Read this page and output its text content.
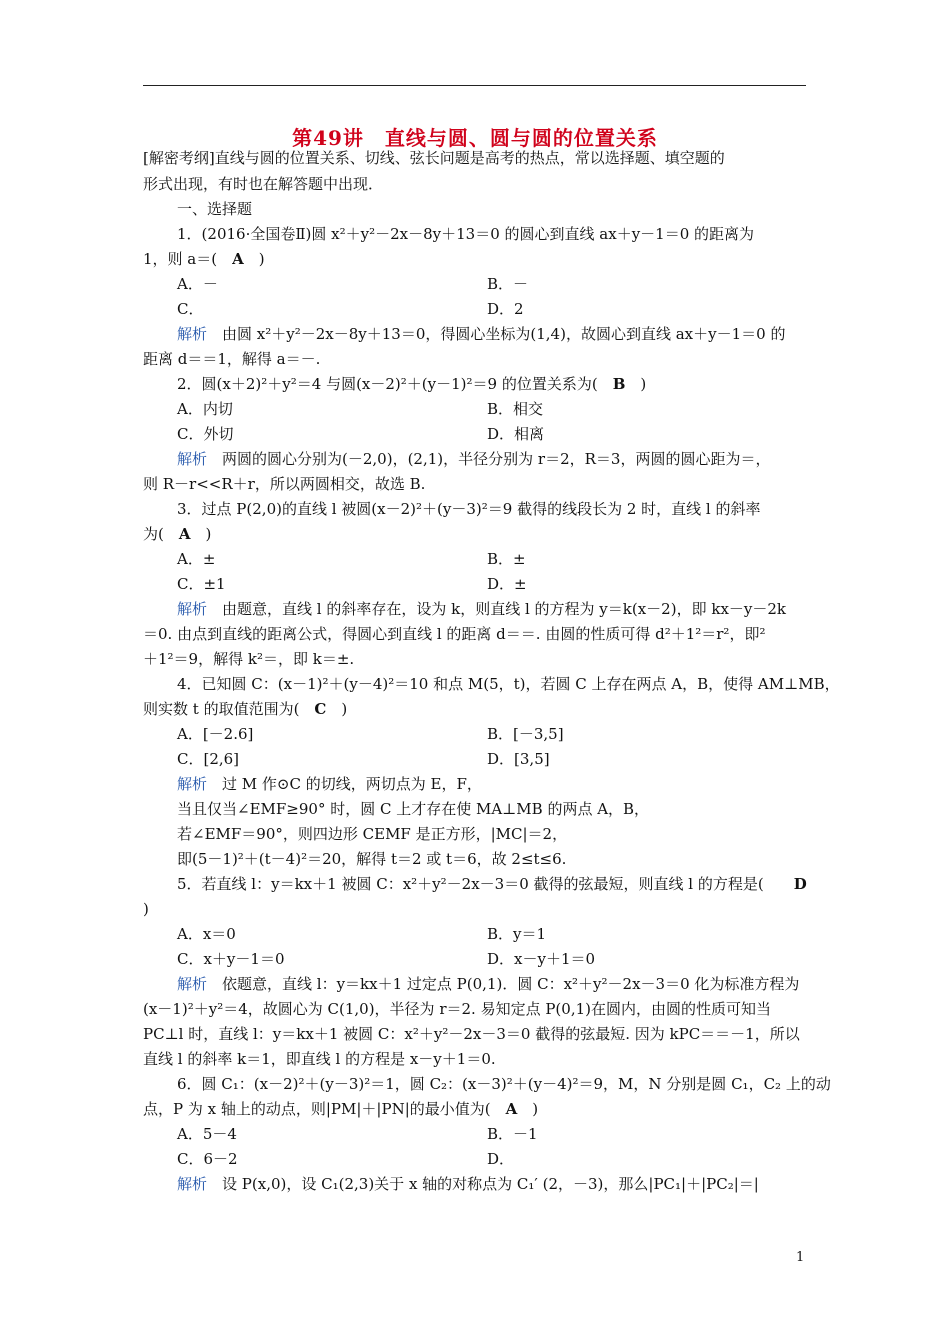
第49讲　直线与圆、圆与圆的位置关系
[解密考纲]直线与圆的位置关系、切线、弦长问题是高考的热点，常以选择题、填空题的
形式出现，有时也在解答题中出现．
一、选择题
1．(2016·全国卷Ⅱ)圆 x²＋y²－2x－8y＋13＝0 的圆心到直线 ax＋y－1＝0 的距离为
1，则 a＝(　A　)
A．－	B．－
C．	D．2
解析　由圆 x²＋y²－2x－8y＋13＝0，得圆心坐标为(1,4)，故圆心到直线 ax＋y－1＝0 的
距离 d＝＝1，解得 a＝－.
2．圆(x＋2)²＋y²＝4 与圆(x－2)²＋(y－1)²＝9 的位置关系为(　B　)
A．内切	B．相交
C．外切	D．相离
解析　两圆的圆心分别为(－2,0)，(2,1)，半径分别为 r＝2，R＝3，两圆的圆心距为＝，
则 R－r<<R＋r，所以两圆相交，故选 B.
3．过点 P(2,0)的直线 l 被圆(x－2)²＋(y－3)²＝9 截得的线段长为 2 时，直线 l 的斜率
为(　A　)
A．±	B．±
C．±1	D．±
解析　由题意，直线 l 的斜率存在，设为 k，则直线 l 的方程为 y＝k(x－2)，即 kx－y－2k
＝0. 由点到直线的距离公式，得圆心到直线 l 的距离 d＝＝. 由圆的性质可得 d²＋1²＝r²，即²
＋1²＝9，解得 k²＝，即 k＝±.
4．已知圆 C：(x－1)²＋(y－4)²＝10 和点 M(5，t)，若圆 C 上存在两点 A，B，使得 AM⊥MB，
则实数 t 的取值范围为(　C　)
A．[－2.6]	B．[－3,5]
C．[2,6]	D．[3,5]
解析　过 M 作⊙C 的切线，两切点为 E，F，
当且仅当∠EMF≥90° 时，圆 C 上才存在使 MA⊥MB 的两点 A，B，
若∠EMF＝90°，则四边形 CEMF 是正方形，|MC|＝2，
即(5－1)²＋(t－4)²＝20，解得 t＝2 或 t＝6，故 2≤t≤6.
5．若直线 l：y＝kx＋1 被圆 C：x²＋y²－2x－3＝0 截得的弦最短，则直线 l 的方程是(　　D
)
A．x＝0	B．y＝1
C．x＋y－1＝0	D．x－y＋1＝0
解析　依题意，直线 l：y＝kx＋1 过定点 P(0,1)．圆 C：x²＋y²－2x－3＝0 化为标准方程为
(x－1)²＋y²＝4，故圆心为 C(1,0)，半径为 r＝2. 易知定点 P(0,1)在圆内，由圆的性质可知当
PC⊥l 时，直线 l：y＝kx＋1 被圆 C：x²＋y²－2x－3＝0 截得的弦最短. 因为 kPC＝＝－1，所以
直线 l 的斜率 k＝1，即直线 l 的方程是 x－y＋1＝0.
6．圆 C₁：(x－2)²＋(y－3)²＝1，圆 C₂：(x－3)²＋(y－4)²＝9，M，N 分别是圆 C₁，C₂ 上的动
点，P 为 x 轴上的动点，则|PM|＋|PN|的最小值为(　A　)
A．5－4	B．－1
C．6－2	D．
解析　设 P(x,0)，设 C₁(2,3)关于 x 轴的对称点为 C₁′ (2，－3)，那么|PC₁|＋|PC₂|＝|
1
